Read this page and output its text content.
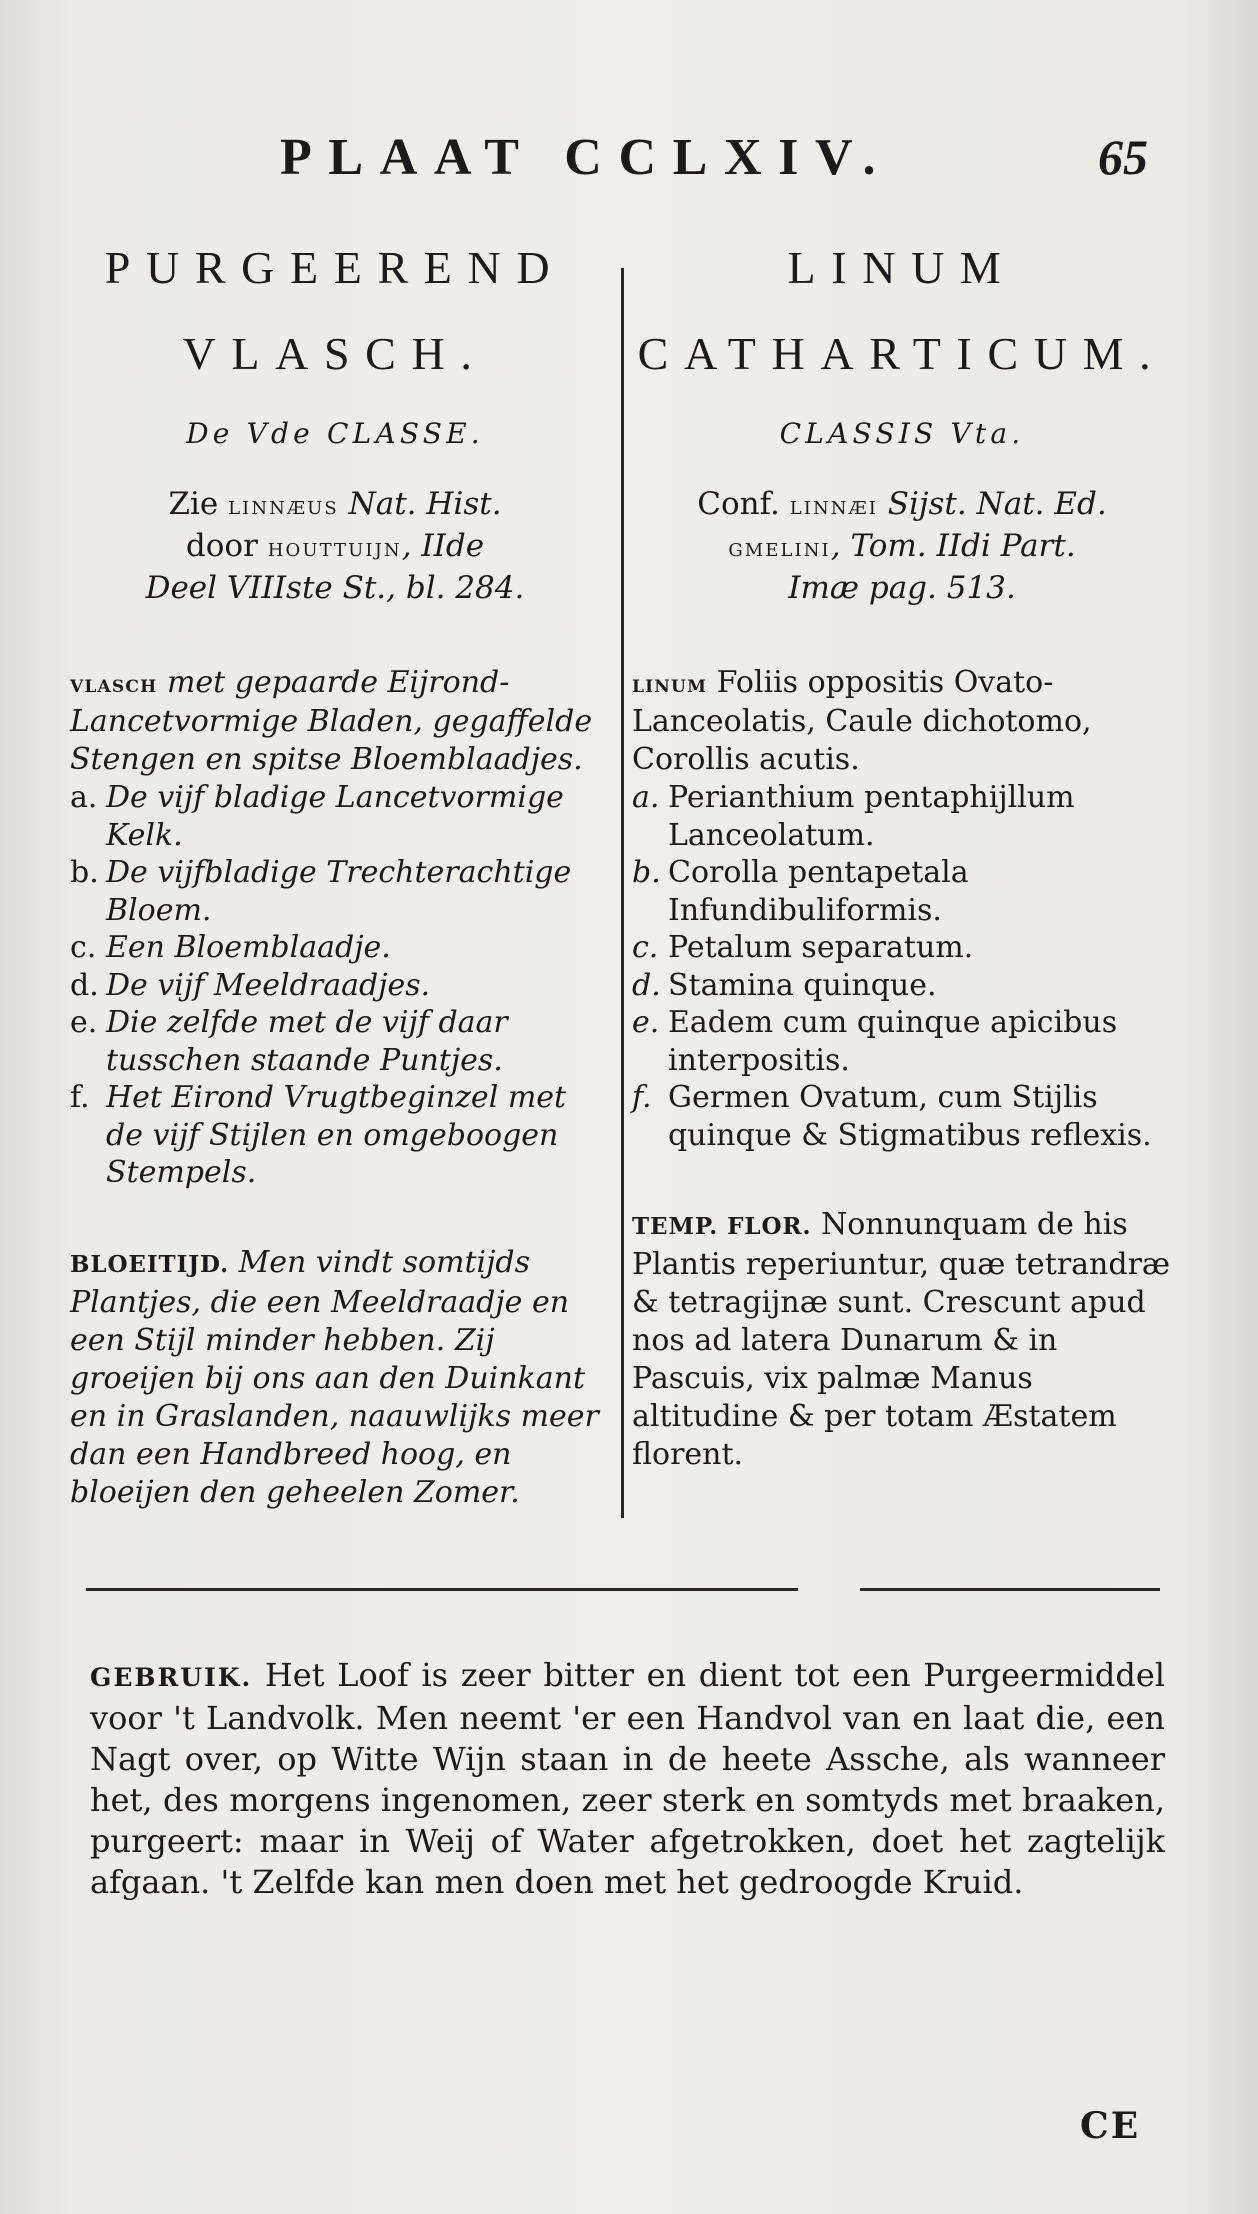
PLAAT CCLXIV.	65
PURGEEREND
VLASCH.
De Vde CLASSE.
Zie linnæus Nat. Hist.
door houttuijn, IIde
Deel VIIIste St., bl. 284.
vlasch met gepaarde Eijrond-Lancetvormige Bladen, gegaffelde Stengen en spitse Bloemblaadjes.
a. De vijf bladige Lancetvormige Kelk.
b. De vijfbladige Trechterachtige Bloem.
c. Een Bloemblaadje.
d. De vijf Meeldraadjes.
e. Die zelfde met de vijf daar tusschen staande Puntjes.
f. Het Eirond Vrugtbeginzel met de vijf Stijlen en omgeboogen Stempels.
BLOEITIJD. Men vindt somtijds Plantjes, die een Meeldraadje en een Stijl minder hebben. Zij groeijen bij ons aan den Duinkant en in Graslanden, naauwlijks meer dan een Handbreed hoog, en bloeijen den geheelen Zomer.
LINUM
CATHARTICUM.
CLASSIS Vta.
Conf. linnæi Sijst. Nat. Ed.
gmelini, Tom. IIdi Part.
Imæ pag. 513.
linum Foliis oppositis Ovato-Lanceolatis, Caule dichotomo, Corollis acutis.
a. Perianthium pentaphijllum Lanceolatum.
b. Corolla pentapetala Infundibuliformis.
c. Petalum separatum.
d. Stamina quinque.
e. Eadem cum quinque apicibus interpositis.
f. Germen Ovatum, cum Stijlis quinque & Stigmatibus reflexis.
TEMP. FLOR. Nonnunquam de his Plantis reperiuntur, quæ tetrandræ & tetragijnæ sunt. Crescunt apud nos ad latera Dunarum & in Pascuis, vix palmæ Manus altitudine & per totam Æstatem florent.
GEBRUIK. Het Loof is zeer bitter en dient tot een Purgeermiddel voor 't Landvolk. Men neemt 'er een Handvol van en laat die, een Nagt over, op Witte Wijn staan in de heete Assche, als wanneer het, des morgens ingenomen, zeer sterk en somtyds met braaken, purgeert: maar in Weij of Water afgetrokken, doet het zagtelijk afgaan. 't Zelfde kan men doen met het gedroogde Kruid.
CE
